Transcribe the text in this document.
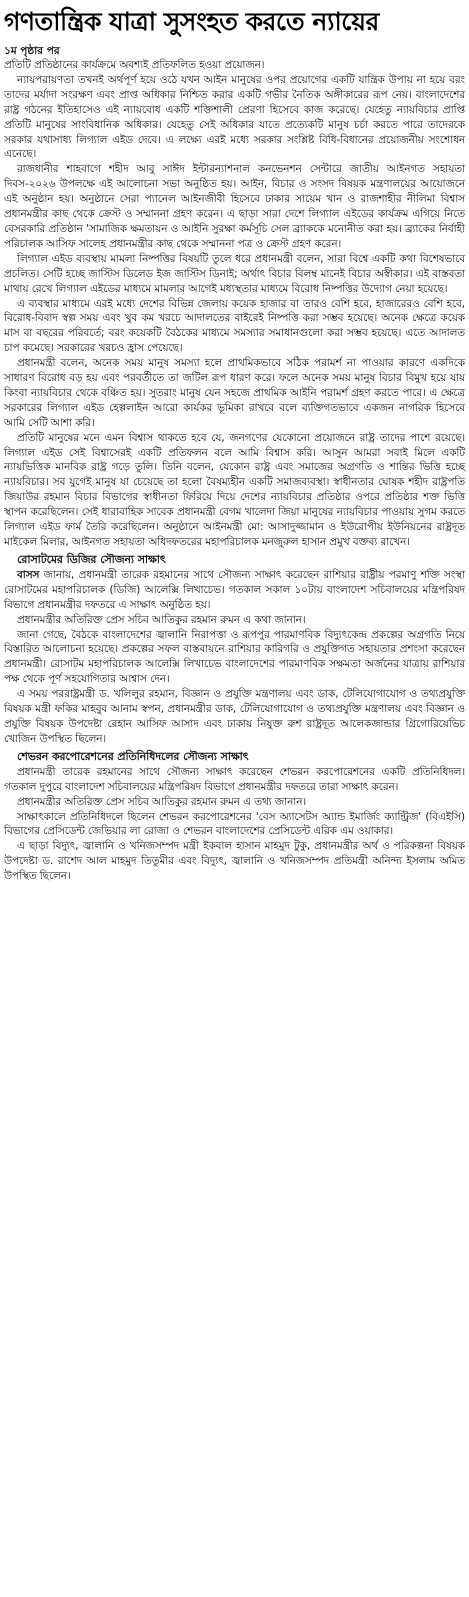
গণতান্ত্রিক যাত্রা সুসংহত করতে ন্যায়ের
১ম পৃষ্ঠার পর

প্রতিটি প্রতিষ্ঠানের কার্যক্রমে অবশ্যই প্রতিফলিত হওয়া প্রয়োজন।

ন্যায়পরায়ণতা তখনই অর্থপূর্ণ হয়ে ওঠে যখন আইন মানুষের ওপর প্রয়োগের একটি যান্ত্রিক উপায় না হয়ে বরং তাদের মর্যাদা সংরক্ষণ এবং প্রাপ্ত অধিকার নিশ্চিত করার একটি গভীর নৈতিক অঙ্গীকারের রূপ নেয়। বাংলাদেশের রাষ্ট্র গঠনের ইতিহাসেও এই ন্যায়বোধ একটি শক্তিশালী প্রেরণা হিসেবে কাজ করেছে। যেহেতু ন্যায়বিচার প্রাপ্তি প্রতিটি মানুষের সাংবিধানিক অধিকার। যেহেতু সেই অধিকার যাতে প্রত্যেকটি মানুষ চর্চা করতে পারে তাদেরকে সরকার যথাসাধ্য লিগ্যাল এইড দেবে। এ লক্ষ্যে এরই মধ্যে সরকার সংশ্লিষ্ট বিধি-বিধানের প্রয়োজনীয় সংশোধন এনেছে।

রাজধানীর শাহবাগে শহীদ আবু সাঈদ ইন্টারন্যাশনাল কনভেনশন সেন্টারে জাতীয় আইনগত সহায়তা দিবস-২০২৬ উপলক্ষে এই আলোচনা সভা অনুষ্ঠিত হয়। আইন, বিচার ও সংসদ বিষয়ক মন্ত্রণালয়ের আয়োজনে এই অনুষ্ঠান হয়। অনুষ্ঠানে সেরা প্যানেল আইনজীবী হিসেবে ঢাকার সায়েম খান ও রাজশাহীর নীলিমা বিশ্বাস প্রধানমন্ত্রীর কাছ থেকে ক্রেস্ট ও সম্মাননা গ্রহণ করেন। এ ছাড়া সারা দেশে লিগ্যাল এইডের কার্যক্রম এগিয়ে নিতে বেসরকারি প্রতিষ্ঠান 'সামাজিক ক্ষমতায়ন ও আইনি সুরক্ষা কর্মসূচি সেল ব্র্যাককে মনোনীত করা হয়। ব্র্যাকের নির্বাহী পরিচালক আসিফ সালেহ প্রধানমন্ত্রীর কাছ থেকে সম্মাননা পত্র ও ক্রেস্ট গ্রহণ করেন।

লিগ্যাল এইড ব্যবস্থায় মামলা নিষ্পত্তির বিষয়টি তুলে ধরে প্রধানমন্ত্রী বলেন, সারা বিশ্বে একটি কথা বিশেষভাবে প্রচলিত। সেটি হচ্ছে জাস্টিস ডিলেড ইজ জাস্টিস ডিনাই; অর্থাৎ বিচার বিলম্ব মানেই বিচার অস্বীকার। এই বাস্তবতা মাথায় রেখে লিগ্যাল এইডের মাধ্যমে মামলার আগেই মধ্যস্থতার মাধ্যমে বিরোধ নিষ্পত্তির উদ্যোগ নেয়া হয়েছে।

এ ব্যবস্থার মাধ্যমে এরই মধ্যে দেশের বিভিন্ন জেলায় কয়েক হাজার বা তারও বেশি হবে, হাজারেরও বেশি হবে, বিরোধ-বিবাদ স্বল্প সময় এবং খুব কম খরচে আদালতের বাইরেই নিষ্পত্তি করা সম্ভব হয়েছে। অনেক ক্ষেত্রে কয়েক মাস বা বছরের পরিবর্তে; বরং কয়েকটি বৈঠকের মাধ্যমে সমস্যার সমাধানগুলো করা সম্ভব হয়েছে। এতে আদালত চাপ কমেছে। সরকারের খরচও হ্রাস পেয়েছে।

প্রধানমন্ত্রী বলেন, অনেক সময় মানুষ সমস্যা হলে প্রাথমিকভাবে সঠিক পরামর্শ না পাওয়ার কারণে একদিকে সাধারণ বিরোধ বড় হয় এবং পরবর্তীতে তা জটিল রূপ ধারণ করে। ফলে অনেক সময় মানুষ বিচার বিমুখ হয়ে যায় কিংবা ন্যায়বিচার থেকে বঞ্চিত হয়। সুতরাং মানুষ যেন সহজে প্রাথমিক আইনি পরামর্শ গ্রহণ করতে পারে। এ ক্ষেত্রে সরকারের লিগ্যাল এইড হেল্পলাইন আরো কার্যকর ভূমিকা রাখবে বলে ব্যক্তিগতভাবে একজন নাগরিক হিসেবে আমি সেটি আশা করি।

প্রতিটি মানুষের মনে এমন বিশ্বাস থাকতে হবে যে, জনগণের যেকোনো প্রয়োজনে রাষ্ট্র তাদের পাশে রয়েছে। লিগ্যাল এইড সেই বিশ্বাসেরই একটি প্রতিফলন বলে আমি বিশ্বাস করি। আসুন আমরা সবাই মিলে একটি ন্যায়ভিত্তিক মানবিক রাষ্ট্র গড়ে তুলি। তিনি বলেন, যেকোন রাষ্ট্র এবং সমাজের অগ্রগতি ও শান্তির ভিত্তি হচ্ছে ন্যায়বিচার। সব যুগেই মানুষ যা চেয়েছে তা হলো বৈষম্যহীন একটি সমাজব্যবস্থা। স্বাধীনতার ঘোষক শহীদ রাষ্ট্রপতি জিয়াউর রহমান বিচার বিভাগের স্বাধীনতা ফিরিয়ে দিয়ে দেশের ন্যায়বিচার প্রতিষ্ঠার ওপরে প্রতিষ্ঠার শক্ত ভিত্তি স্থাপন করেছিলেন। সেই ধারাবাহিক সাবেক প্রধানমন্ত্রী বেগম খালেদা জিয়া মানুষের ন্যায়বিচার পাওয়ায় সুগম করতে লিগ্যাল এইড ফার্ম তৈরি করেছিলেন। অনুষ্ঠানে আইনমন্ত্রী মো: আসাদুজ্জামান ও ইউরোপীয় ইউনিয়নের রাষ্ট্রদূত মাইকেল মিলার, আইনগত সহায়তা অধিদফতরের মহাপরিচালক মনজুরুল হাসান প্রমুখ বক্তব্য রাখেন।

রোসাটমের ডিজির সৌজন্য সাক্ষাৎ

বাসস জানায়, প্রধানমন্ত্রী তারেক রহমানের সাথে সৌজন্য সাক্ষাৎ করেছেন রাশিয়ার রাষ্ট্রীয় পরমাণু শক্তি সংস্থা রোসাটমের মহাপরিচালক (ডিজি) আলেক্সি লিখাচেভ। গতকাল সকাল ১০টায় বাংলাদেশ সচিবালয়ের মন্ত্রিপরিষদ বিভাগে প্রধানমন্ত্রীর দফতরে এ সাক্ষাৎ অনুষ্ঠিত হয়।

প্রধানমন্ত্রীর অতিরিক্ত প্রেস সচিব আতিকুর রহমান রুমন এ কথা জানান।

জানা গেছে, বৈঠকে বাংলাদেশের জ্বালানি নিরাপত্তা ও রূপপুর পারমাণবিক বিদ্যুৎকেন্দ্র প্রকল্পের অগ্রগতি নিয়ে বিস্তারিত আলোচনা হয়েছে। প্রকল্পের সফল বাস্তবায়নে রাশিয়ার কারিগরি ও প্রযুক্তিগত সহায়তার প্রশংসা করেছেন প্রধানমন্ত্রী। রোসাটম মহাপরিচালক আলেক্সি লিখাচেভ বাংলাদেশের পারমাণবিক সক্ষমতা অর্জনের যাত্রায় রাশিয়ার পক্ষ থেকে পূর্ণ সহযোগিতার আশ্বাস দেন।

এ সময় পররাষ্ট্রমন্ত্রী ড. খলিলুর রহমান, বিজ্ঞান ও প্রযুক্তি মন্ত্রণালয় এবং ডাক, টেলিযোগাযোগ ও তথ্যপ্রযুক্তি বিষয়ক মন্ত্রী ফকির মাহবুব আনাম স্বপন, প্রধানমন্ত্রীর ডাক, টেলিযোগাযোগ ও তথ্যপ্রযুক্তি মন্ত্রণালয় এবং বিজ্ঞান ও প্রযুক্তি বিষয়ক উপদেষ্টা রেহান আসিফ আসাদ এবং ঢাকায় নিযুক্ত রুশ রাষ্ট্রদূত আলেকজান্ডার গ্রিগোরিয়েভিচ খোজিন উপস্থিত ছিলেন।

শেভরন করপোরেশনের প্রতিনিধিদলের সৌজন্য সাক্ষাৎ

প্রধানমন্ত্রী তারেক রহমানের সাথে সৌজন্য সাক্ষাৎ করেছেন শেভরন করপোরেশনের একটি প্রতিনিধিদল। গতকাল দুপুরে বাংলাদেশ সচিবালয়ের মন্ত্রিপরিষদ বিভাগে প্রধানমন্ত্রীর দফতরে তারা সাক্ষাৎ করেন।

প্রধানমন্ত্রীর অতিরিক্ত প্রেস সচিব আতিকুর রহমান রুমন এ তথ্য জানান।

সাক্ষাৎকালে প্রতিনিধিদলে ছিলেন শেভরন করপোরেশনের 'বেস অ্যাসেটস অ্যান্ড ইমার্জিং ক্যান্ট্রিজ' (বিএইসি) বিভাগের প্রেসিডেন্ট জেভিয়ার লা রোজা ও শেভরন বাংলাদেশের প্রেসিডেন্ট এরিক এম ওয়াকার।

এ ছাড়া বিদ্যুৎ, জ্বালানি ও খনিজসম্পদ মন্ত্রী ইকবাল হাসান মাহমুদ টুকু, প্রধানমন্ত্রীর অর্থ ও পরিকল্পনা বিষয়ক উপদেষ্টা ড. রাশেদ আল মাহমুদ তিতুমীর এবং বিদ্যুৎ, জ্বালানি ও খনিজসম্পদ প্রতিমন্ত্রী অনিন্দ্য ইসলাম অমিত উপস্থিত ছিলেন।
